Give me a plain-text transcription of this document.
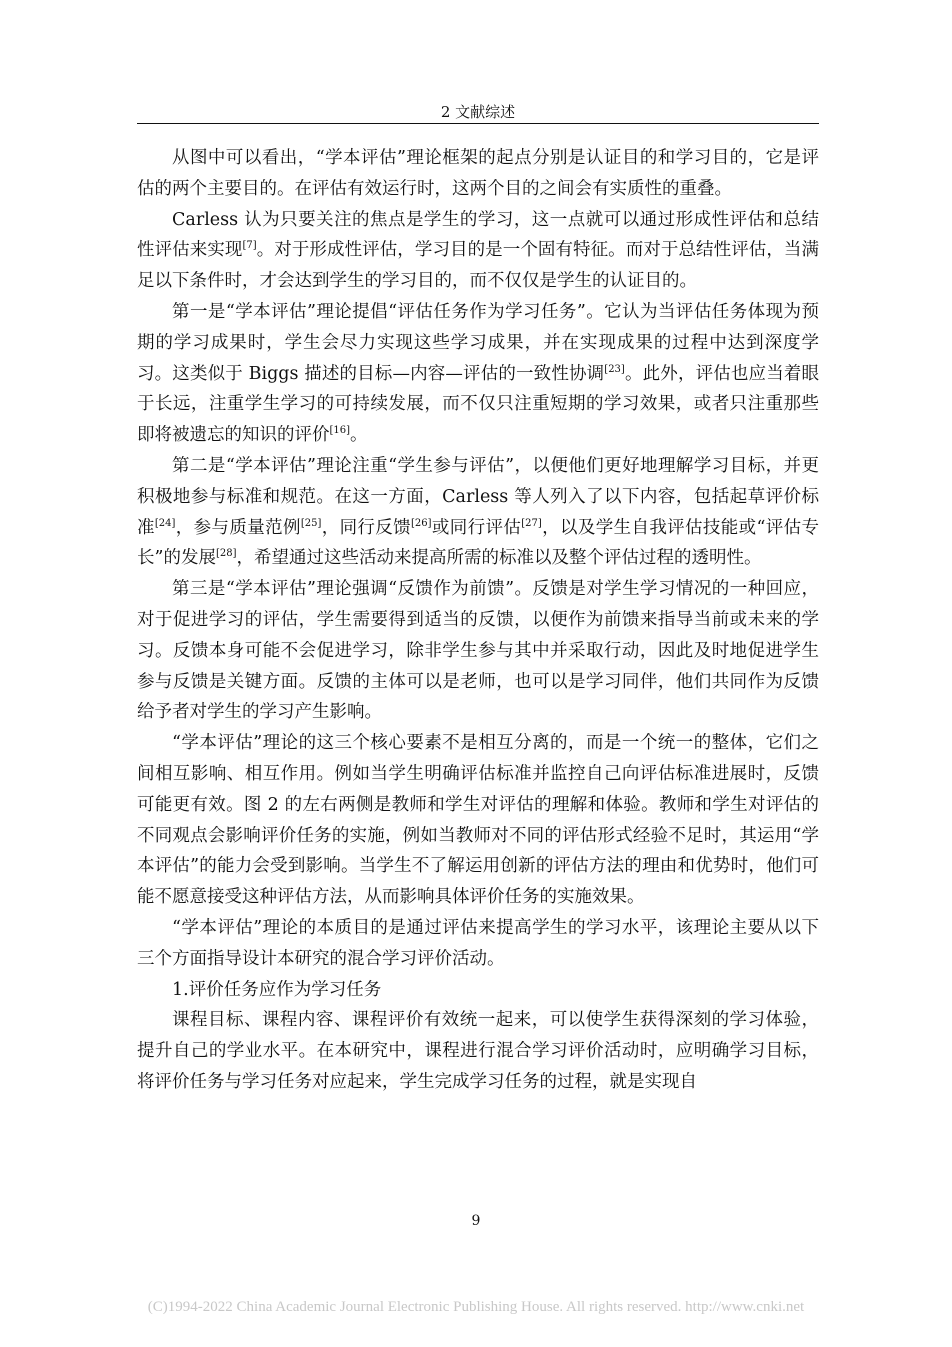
2 文献综述

从图中可以看出，“学本评估”理论框架的起点分别是认证目的和学习目的，它是评估的两个主要目的。在评估有效运行时，这两个目的之间会有实质性的重叠。

Carless 认为只要关注的焦点是学生的学习，这一点就可以通过形成性评估和总结性评估来实现[7]。对于形成性评估，学习目的是一个固有特征。而对于总结性评估，当满足以下条件时，才会达到学生的学习目的，而不仅仅是学生的认证目的。

第一是“学本评估”理论提倡“评估任务作为学习任务”。它认为当评估任务体现为预期的学习成果时，学生会尽力实现这些学习成果，并在实现成果的过程中达到深度学习。这类似于 Biggs 描述的目标—内容—评估的一致性协调[23]。此外，评估也应当着眼于长远，注重学生学习的可持续发展，而不仅只注重短期的学习效果，或者只注重那些即将被遗忘的知识的评价[16]。

第二是“学本评估”理论注重“学生参与评估”，以便他们更好地理解学习目标，并更积极地参与标准和规范。在这一方面，Carless 等人列入了以下内容，包括起草评价标准[24]，参与质量范例[25]，同行反馈[26]或同行评估[27]，以及学生自我评估技能或“评估专长”的发展[28]，希望通过这些活动来提高所需的标准以及整个评估过程的透明性。

第三是“学本评估”理论强调“反馈作为前馈”。反馈是对学生学习情况的一种回应，对于促进学习的评估，学生需要得到适当的反馈，以便作为前馈来指导当前或未来的学习。反馈本身可能不会促进学习，除非学生参与其中并采取行动，因此及时地促进学生参与反馈是关键方面。反馈的主体可以是老师，也可以是学习同伴，他们共同作为反馈给予者对学生的学习产生影响。

“学本评估”理论的这三个核心要素不是相互分离的，而是一个统一的整体，它们之间相互影响、相互作用。例如当学生明确评估标准并监控自己向评估标准进展时，反馈可能更有效。图 2 的左右两侧是教师和学生对评估的理解和体验。教师和学生对评估的不同观点会影响评价任务的实施，例如当教师对不同的评估形式经验不足时，其运用“学本评估”的能力会受到影响。当学生不了解运用创新的评估方法的理由和优势时，他们可能不愿意接受这种评估方法，从而影响具体评价任务的实施效果。

“学本评估”理论的本质目的是通过评估来提高学生的学习水平，该理论主要从以下三个方面指导设计本研究的混合学习评价活动。

1.评价任务应作为学习任务

课程目标、课程内容、课程评价有效统一起来，可以使学生获得深刻的学习体验，提升自己的学业水平。在本研究中，课程进行混合学习评价活动时，应明确学习目标，将评价任务与学习任务对应起来，学生完成学习任务的过程，就是实现自

9
(C)1994-2022 China Academic Journal Electronic Publishing House. All rights reserved. http://www.cnki.net
